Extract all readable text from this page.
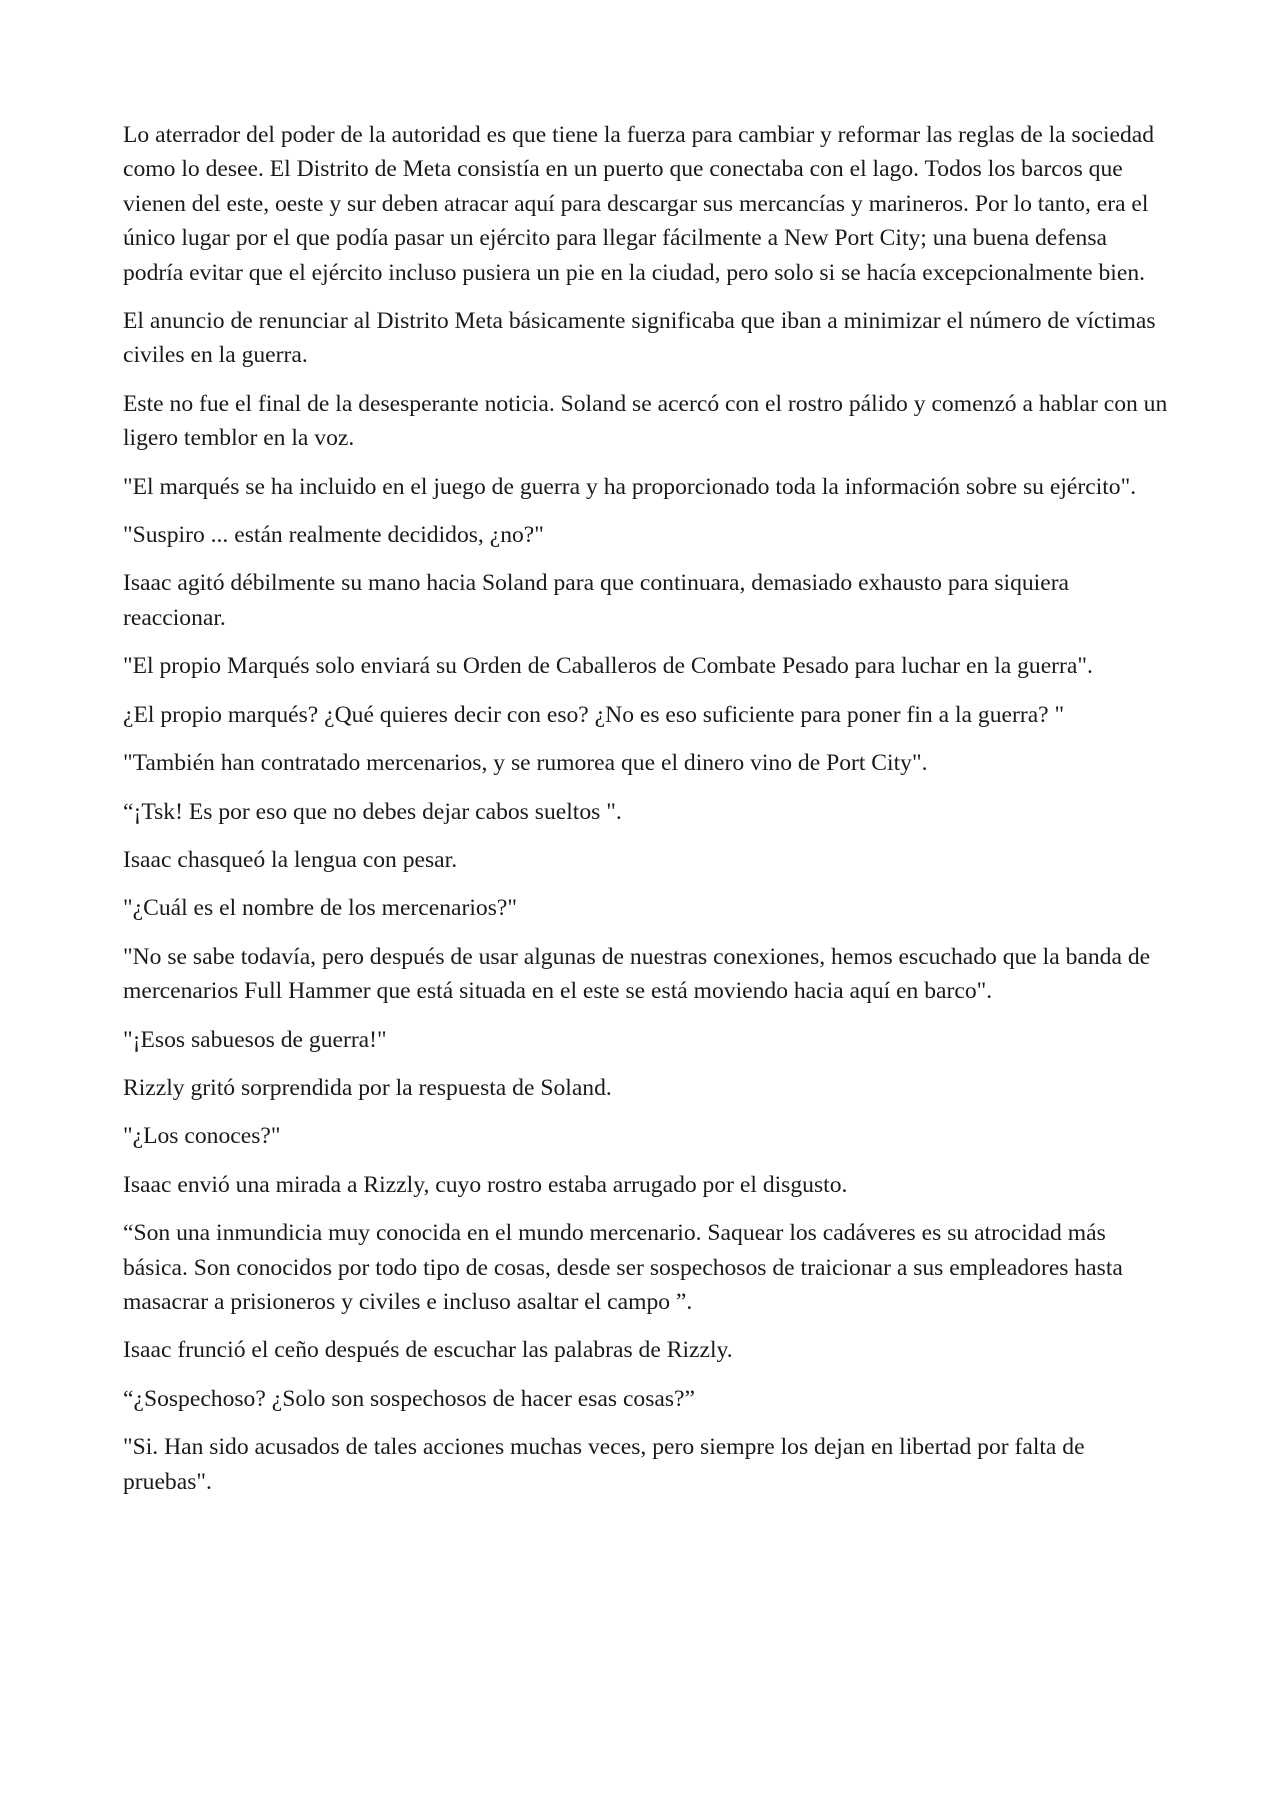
Lo aterrador del poder de la autoridad es que tiene la fuerza para cambiar y reformar las reglas de la sociedad como lo desee. El Distrito de Meta consistía en un puerto que conectaba con el lago. Todos los barcos que vienen del este, oeste y sur deben atracar aquí para descargar sus mercancías y marineros. Por lo tanto, era el único lugar por el que podía pasar un ejército para llegar fácilmente a New Port City; una buena defensa podría evitar que el ejército incluso pusiera un pie en la ciudad, pero solo si se hacía excepcionalmente bien.

El anuncio de renunciar al Distrito Meta básicamente significaba que iban a minimizar el número de víctimas civiles en la guerra.

Este no fue el final de la desesperante noticia. Soland se acercó con el rostro pálido y comenzó a hablar con un ligero temblor en la voz.

"El marqués se ha incluido en el juego de guerra y ha proporcionado toda la información sobre su ejército".

"Suspiro ... están realmente decididos, ¿no?"

Isaac agitó débilmente su mano hacia Soland para que continuara, demasiado exhausto para siquiera reaccionar.

"El propio Marqués solo enviará su Orden de Caballeros de Combate Pesado para luchar en la guerra".

¿El propio marqués? ¿Qué quieres decir con eso? ¿No es eso suficiente para poner fin a la guerra? "

"También han contratado mercenarios, y se rumorea que el dinero vino de Port City".

“¡Tsk! Es por eso que no debes dejar cabos sueltos ".

Isaac chasqueó la lengua con pesar.

"¿Cuál es el nombre de los mercenarios?"

"No se sabe todavía, pero después de usar algunas de nuestras conexiones, hemos escuchado que la banda de mercenarios Full Hammer que está situada en el este se está moviendo hacia aquí en barco".

"¡Esos sabuesos de guerra!"

Rizzly gritó sorprendida por la respuesta de Soland.

"¿Los conoces?"

Isaac envió una mirada a Rizzly, cuyo rostro estaba arrugado por el disgusto.

“Son una inmundicia muy conocida en el mundo mercenario. Saquear los cadáveres es su atrocidad más básica. Son conocidos por todo tipo de cosas, desde ser sospechosos de traicionar a sus empleadores hasta masacrar a prisioneros y civiles e incluso asaltar el campo ”.

Isaac frunció el ceño después de escuchar las palabras de Rizzly.

“¿Sospechoso? ¿Solo son sospechosos de hacer esas cosas?”

"Si. Han sido acusados de tales acciones muchas veces, pero siempre los dejan en libertad por falta de pruebas".
